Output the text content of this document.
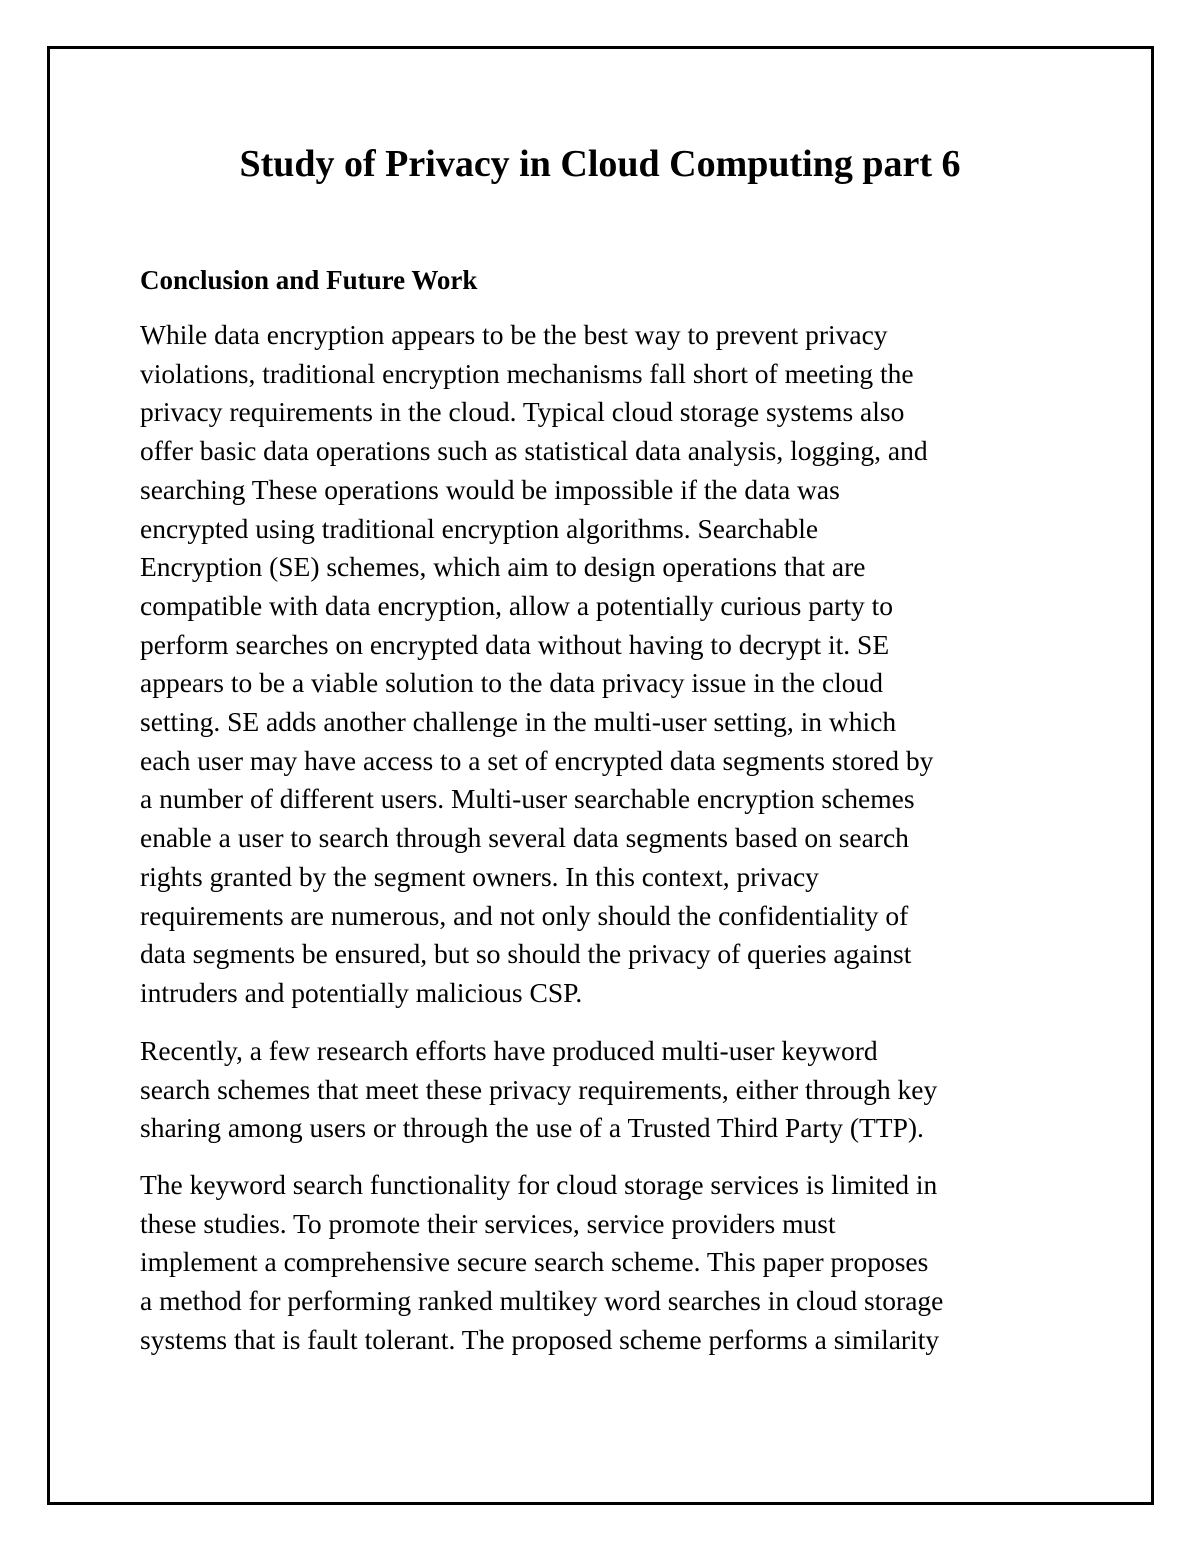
Study of Privacy in Cloud Computing part 6
Conclusion and Future Work

While data encryption appears to be the best way to prevent privacy
violations, traditional encryption mechanisms fall short of meeting the
privacy requirements in the cloud. Typical cloud storage systems also
offer basic data operations such as statistical data analysis, logging, and
searching These operations would be impossible if the data was
encrypted using traditional encryption algorithms. Searchable
Encryption (SE) schemes, which aim to design operations that are
compatible with data encryption, allow a potentially curious party to
perform searches on encrypted data without having to decrypt it. SE
appears to be a viable solution to the data privacy issue in the cloud
setting. SE adds another challenge in the multi-user setting, in which
each user may have access to a set of encrypted data segments stored by
a number of different users. Multi-user searchable encryption schemes
enable a user to search through several data segments based on search
rights granted by the segment owners. In this context, privacy
requirements are numerous, and not only should the confidentiality of
data segments be ensured, but so should the privacy of queries against
intruders and potentially malicious CSP.

Recently, a few research efforts have produced multi-user keyword
search schemes that meet these privacy requirements, either through key
sharing among users or through the use of a Trusted Third Party (TTP).

The keyword search functionality for cloud storage services is limited in
these studies. To promote their services, service providers must
implement a comprehensive secure search scheme. This paper proposes
a method for performing ranked multikey word searches in cloud storage
systems that is fault tolerant. The proposed scheme performs a similarity
